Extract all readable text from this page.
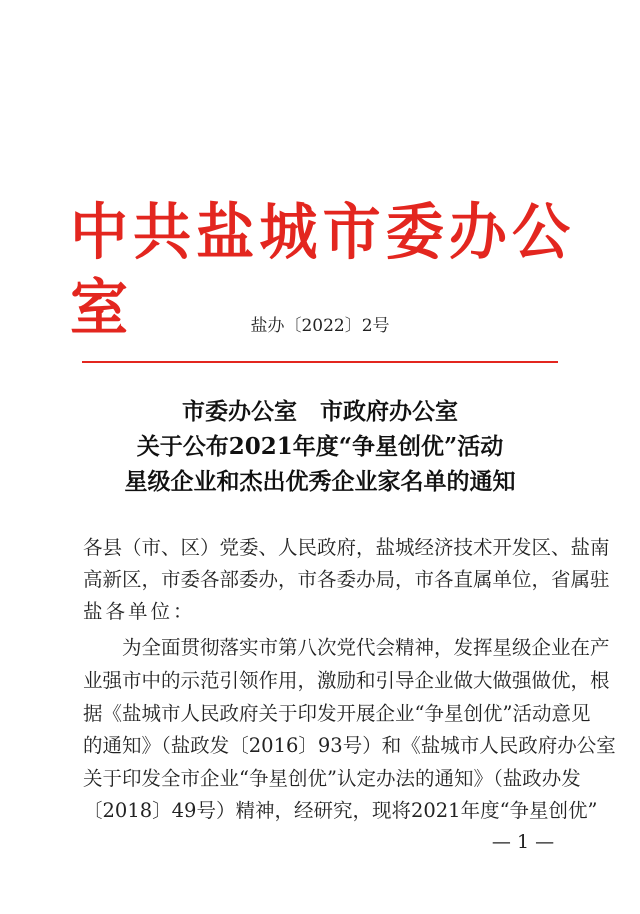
中共盐城市委办公室	盐办〔2022〕2号
市委办公室　市政府办公室
关于公布2021年度“争星创优”活动
星级企业和杰出优秀企业家名单的通知
各县（市、区）党委、人民政府，盐城经济技术开发区、盐南
高新区，市委各部委办，市各委办局，市各直属单位，省属驻
盐各单位：
　　为全面贯彻落实市第八次党代会精神，发挥星级企业在产
业强市中的示范引领作用，激励和引导企业做大做强做优，根
据《盐城市人民政府关于印发开展企业“争星创优”活动意见
的通知》（盐政发〔2016〕93号）和《盐城市人民政府办公室
关于印发全市企业“争星创优”认定办法的通知》（盐政办发
〔2018〕49号）精神，经研究，现将2021年度“争星创优”
— 1 —
